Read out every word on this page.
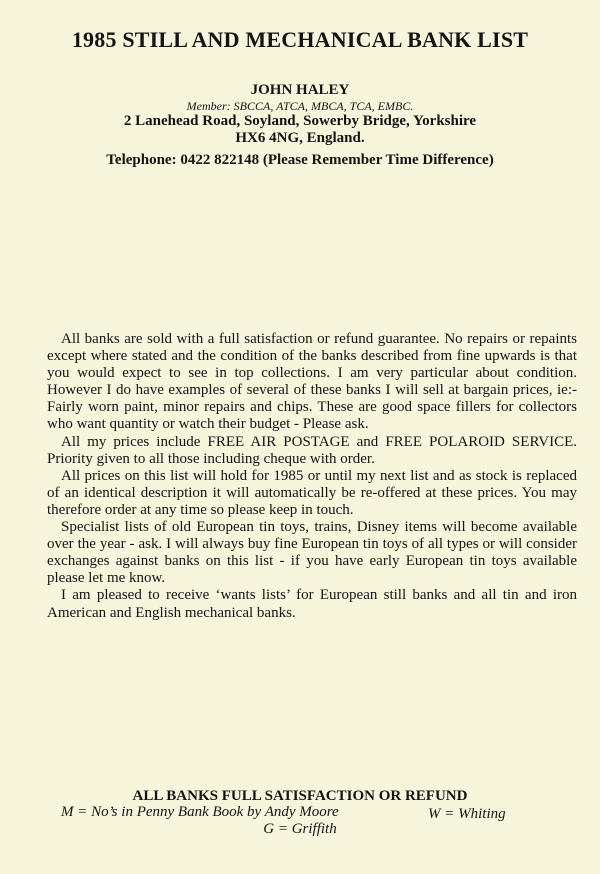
1985 STILL AND MECHANICAL BANK LIST
JOHN HALEY
Member: SBCCA, ATCA, MBCA, TCA, EMBC.
2 Lanehead Road, Soyland, Sowerby Bridge, Yorkshire
HX6 4NG, England.
Telephone: 0422 822148 (Please Remember Time Difference)

All banks are sold with a full satisfaction or refund guarantee. No repairs or repaints except where stated and the condition of the banks described from fine upwards is that you would expect to see in top collections. I am very particular about condition. However I do have examples of several of these banks I will sell at bargain prices, ie:- Fairly worn paint, minor repairs and chips. These are good space fillers for collectors who want quantity or watch their budget - Please ask.

All my prices include FREE AIR POSTAGE and FREE POLAROID SERVICE. Priority given to all those including cheque with order.

All prices on this list will hold for 1985 or until my next list and as stock is replaced of an identical description it will automatically be re-offered at these prices. You may therefore order at any time so please keep in touch.

Specialist lists of old European tin toys, trains, Disney items will become available over the year - ask. I will always buy fine European tin toys of all types or will consider exchanges against banks on this list - if you have early European tin toys available please let me know.

I am pleased to receive ‘wants lists’ for European still banks and all tin and iron American and English mechanical banks.

ALL BANKS FULL SATISFACTION OR REFUND
M = No’s in Penny Bank Book by Andy Moore	W = Whiting
G = Griffith
